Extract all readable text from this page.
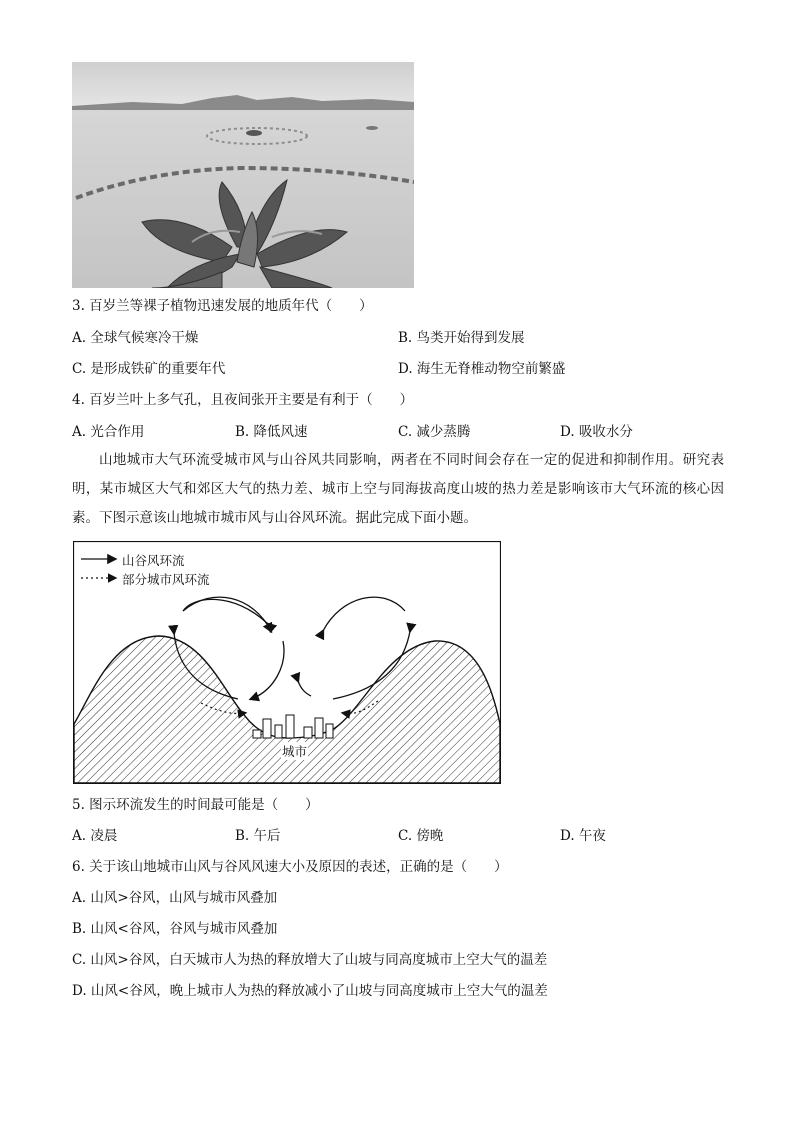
3. 百岁兰等裸子植物迅速发展的地质年代（　　）
A. 全球气候寒冷干燥	B. 鸟类开始得到发展
C. 是形成铁矿的重要年代	D. 海生无脊椎动物空前繁盛
4. 百岁兰叶上多气孔，且夜间张开主要是有利于（　　）
A. 光合作用	B. 降低风速	C. 减少蒸腾	D. 吸收水分
山地城市大气环流受城市风与山谷风共同影响，两者在不同时间会存在一定的促进和抑制作用。研究表明，某市城区大气和郊区大气的热力差、城市上空与同海拔高度山坡的热力差是影响该市大气环流的核心因素。下图示意该山地城市城市风与山谷风环流。据此完成下面小题。
山谷风环流
部分城市风环流
城市
5. 图示环流发生的时间最可能是（　　）
A. 凌晨	B. 午后	C. 傍晚	D. 午夜
6. 关于该山地城市山风与谷风风速大小及原因的表述，正确的是（　　）
A. 山风>谷风，山风与城市风叠加
B. 山风<谷风，谷风与城市风叠加
C. 山风>谷风，白天城市人为热的释放增大了山坡与同高度城市上空大气的温差
D. 山风<谷风，晚上城市人为热的释放减小了山坡与同高度城市上空大气的温差
